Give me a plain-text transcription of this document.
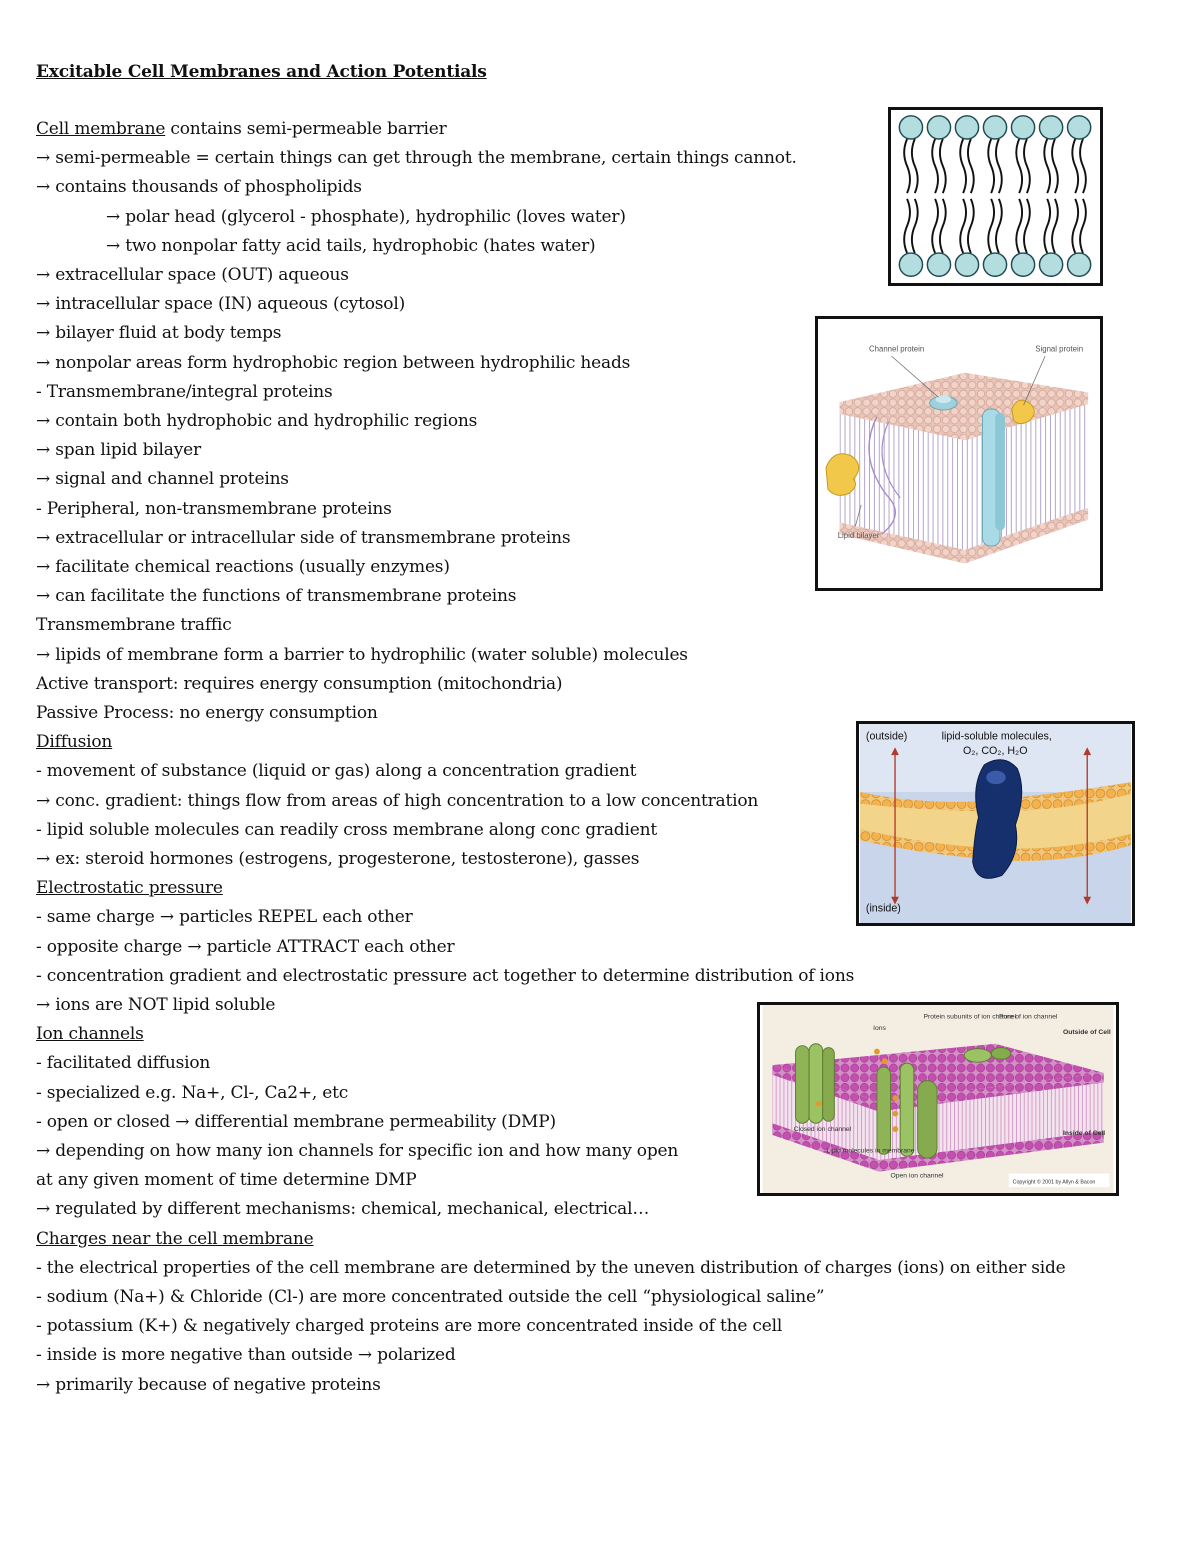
Excitable Cell Membranes and Action Potentials
Cell membrane contains semi-permeable barrier
→ semi-permeable = certain things can get through the membrane, certain things cannot.
→ contains thousands of phospholipids
→ polar head (glycerol - phosphate), hydrophilic (loves water)
→ two nonpolar fatty acid tails, hydrophobic (hates water)
→ extracellular space (OUT) aqueous
→ intracellular space (IN) aqueous (cytosol)
→ bilayer fluid at body temps
→ nonpolar areas form hydrophobic region between hydrophilic heads
- Transmembrane/integral proteins
→ contain both hydrophobic and hydrophilic regions
→ span lipid bilayer
→ signal and channel proteins
- Peripheral, non-transmembrane proteins
→ extracellular or intracellular side of transmembrane proteins
→ facilitate chemical reactions (usually enzymes)
→ can facilitate the functions of transmembrane proteins
Transmembrane traffic
→ lipids of membrane form a barrier to hydrophilic (water soluble) molecules
Active transport: requires energy consumption (mitochondria)
Passive Process: no energy consumption
Diffusion
- movement of substance (liquid or gas) along a concentration gradient
→ conc. gradient: things flow from areas of high concentration to a low concentration
- lipid soluble molecules can readily cross membrane along conc gradient
→ ex: steroid hormones (estrogens, progesterone, testosterone), gasses
Electrostatic pressure
- same charge → particles REPEL each other
- opposite charge → particle ATTRACT each other
- concentration gradient and electrostatic pressure act together to determine distribution of ions
→ ions are NOT lipid soluble
Ion channels
- facilitated diffusion
- specialized e.g. Na+, Cl-, Ca2+, etc
- open or closed → differential membrane permeability (DMP)
→ depending on how many ion channels for specific ion and how many open
at any given moment of time determine DMP
→ regulated by different mechanisms: chemical, mechanical, electrical…
Charges near the cell membrane
- the electrical properties of the cell membrane are determined by the uneven distribution of charges (ions) on either side
- sodium (Na+) & Chloride (Cl-) are more concentrated outside the cell “physiological saline”
- potassium (K+) & negatively charged proteins are more concentrated inside of the cell
- inside is more negative than outside → polarized
→ primarily because of negative proteins
Channel protein	Signal protein
Lipid bilayer
(outside)
(inside)
lipid-soluble molecules,
O₂, CO₂, H₂O
Ions
Protein subunits of ion channel
Pore of ion channel
Outside of Cell
Inside of Cell
Closed ion channel
Lipid molecules in membrane
Open ion channel
Copyright © 2001 by Allyn & Bacon
